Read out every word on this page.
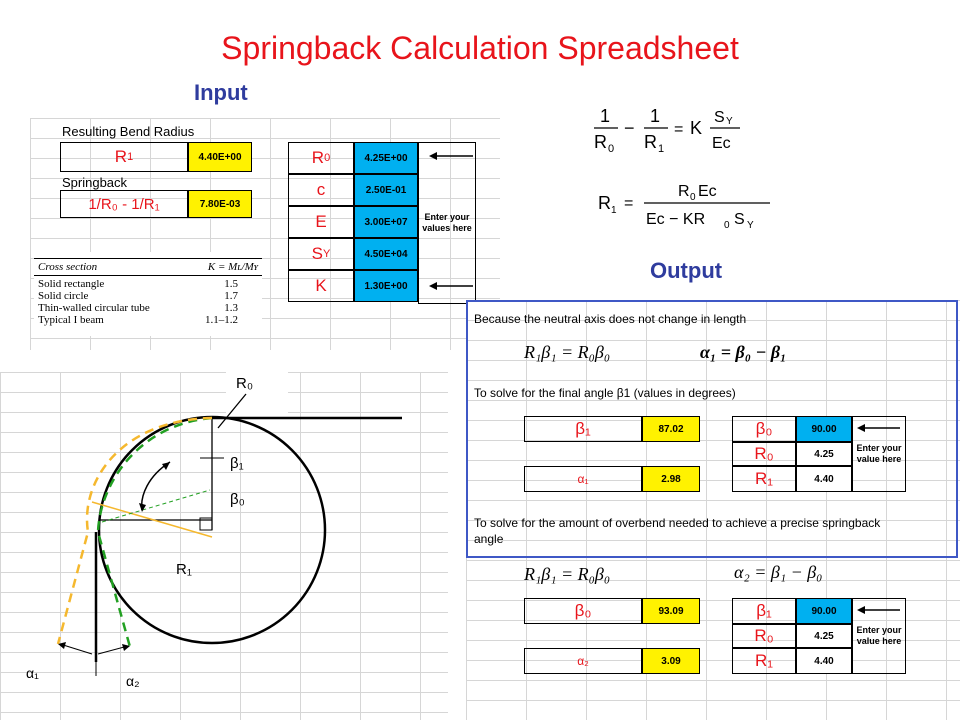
Springback Calculation Spreadsheet
Input
Output
Resulting Bend Radius
R 1	4.40E+00
Springback
1/R₀ - 1/R₁	7.80E-03
R 0	4.25E+00
c	2.50E-01
E	3.00E+07
S Y	4.50E+04
K	1.30E+00
Enter your values here
Cross section	K = Mʟ/Mʏ
Solid rectangle	1.5
Solid circle	1.7
Thin-walled circular tube	1.3
Typical I beam	1.1–1.2
1
R 0
−
1
R 1
= K
S Y
Ec
R 1 =
R 0 Ec
Ec − KR 0 S Y
Because the neutral axis does not change in length
R₁β₁ = R₀β₀	α₁ = β₀ − β₁
To solve for the final angle β1 (values in degrees)
β₁	87.02
α₁	2.98
β₀	90.00
R₀	4.25
R₁	4.40
Enter your value here
To solve for the amount of overbend needed to achieve a precise springback
angle
R₁β₁ = R₀β₀	α₂ = β₁ − β₀
β₀	93.09
α₂	3.09
β₁	90.00
R₀	4.25
R₁	4.40
Enter your value here
R₀
β₁
β₀
R₁
α₁	α₂
